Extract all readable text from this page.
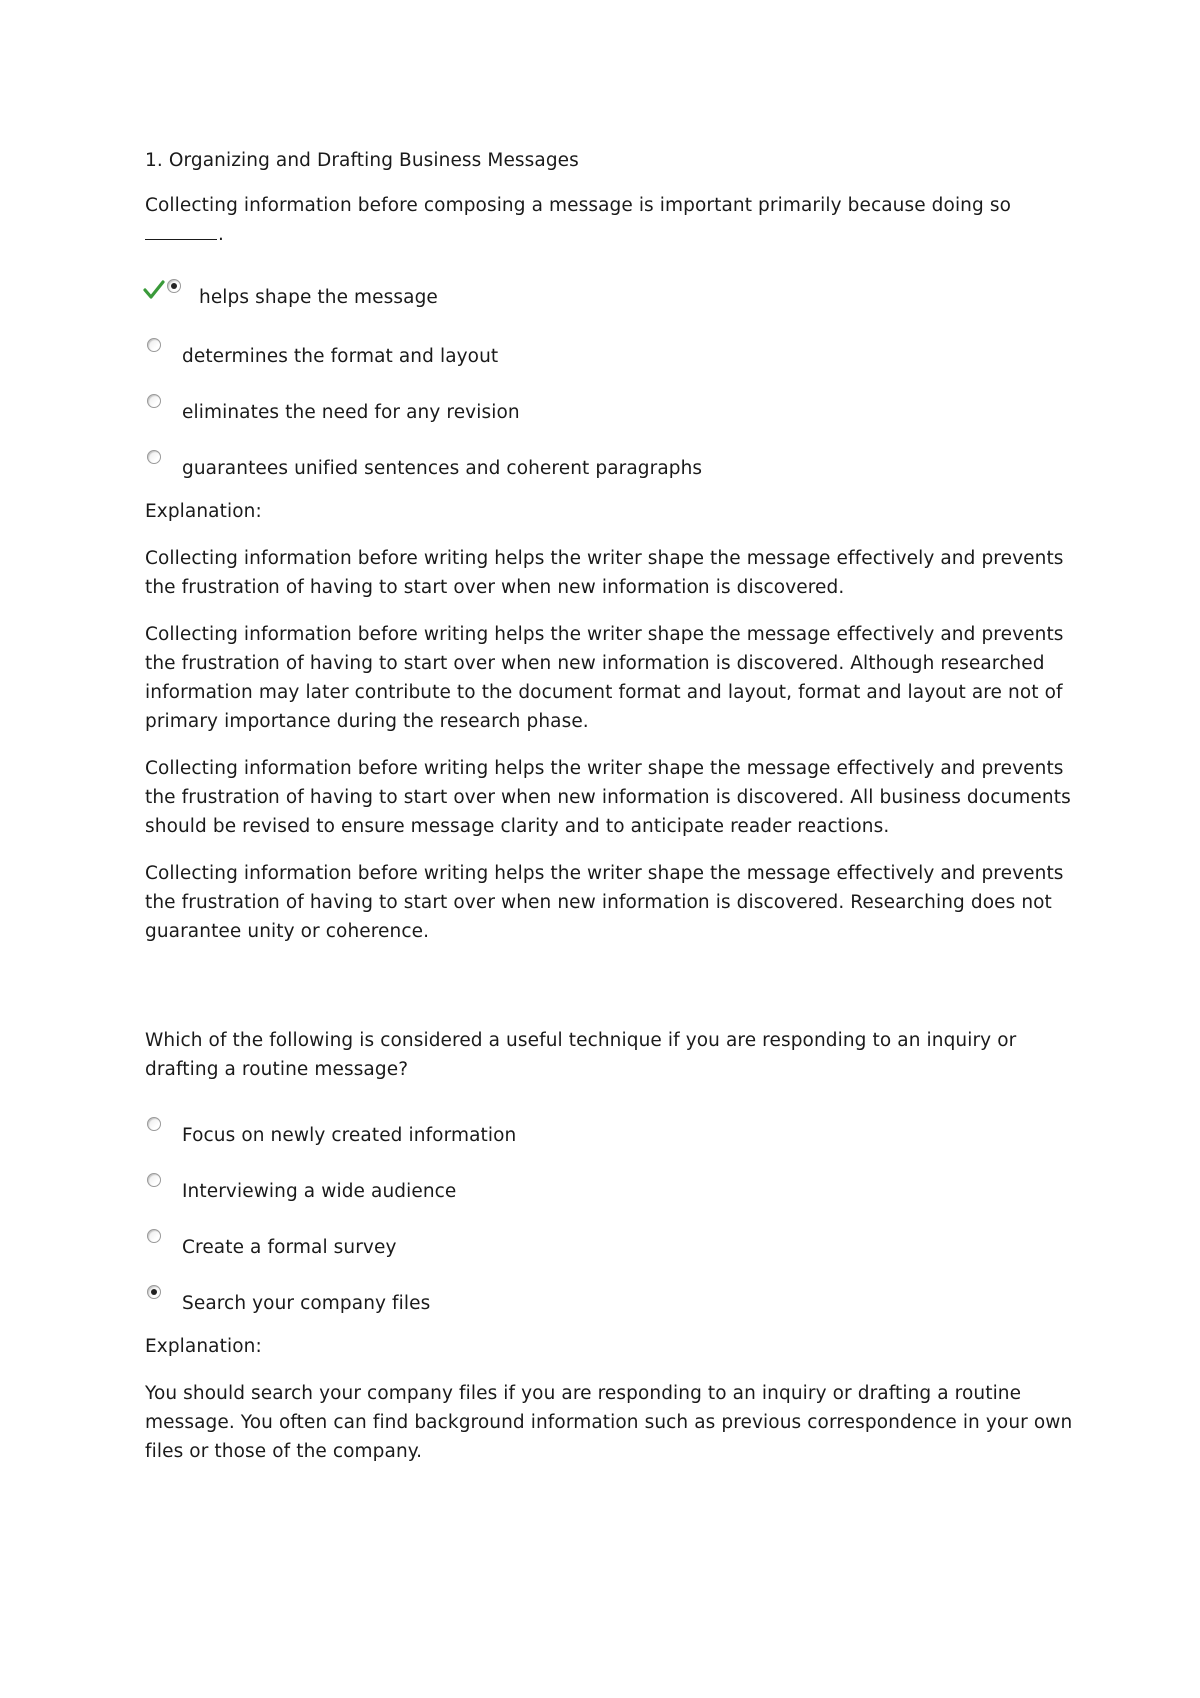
1. Organizing and Drafting Business Messages

Collecting information before composing a message is important primarily because doing so
.

helps shape the message
determines the format and layout
eliminates the need for any revision
guarantees unified sentences and coherent paragraphs

Explanation:

Collecting information before writing helps the writer shape the message effectively and prevents the frustration of having to start over when new information is discovered.

Collecting information before writing helps the writer shape the message effectively and prevents the frustration of having to start over when new information is discovered. Although researched information may later contribute to the document format and layout, format and layout are not of primary importance during the research phase.

Collecting information before writing helps the writer shape the message effectively and prevents the frustration of having to start over when new information is discovered. All business documents should be revised to ensure message clarity and to anticipate reader reactions.

Collecting information before writing helps the writer shape the message effectively and prevents the frustration of having to start over when new information is discovered. Researching does not guarantee unity or coherence.

Which of the following is considered a useful technique if you are responding to an inquiry or drafting a routine message?

Focus on newly created information
Interviewing a wide audience
Create a formal survey
Search your company files

Explanation:

You should search your company files if you are responding to an inquiry or drafting a routine message. You often can find background information such as previous correspondence in your own files or those of the company.
